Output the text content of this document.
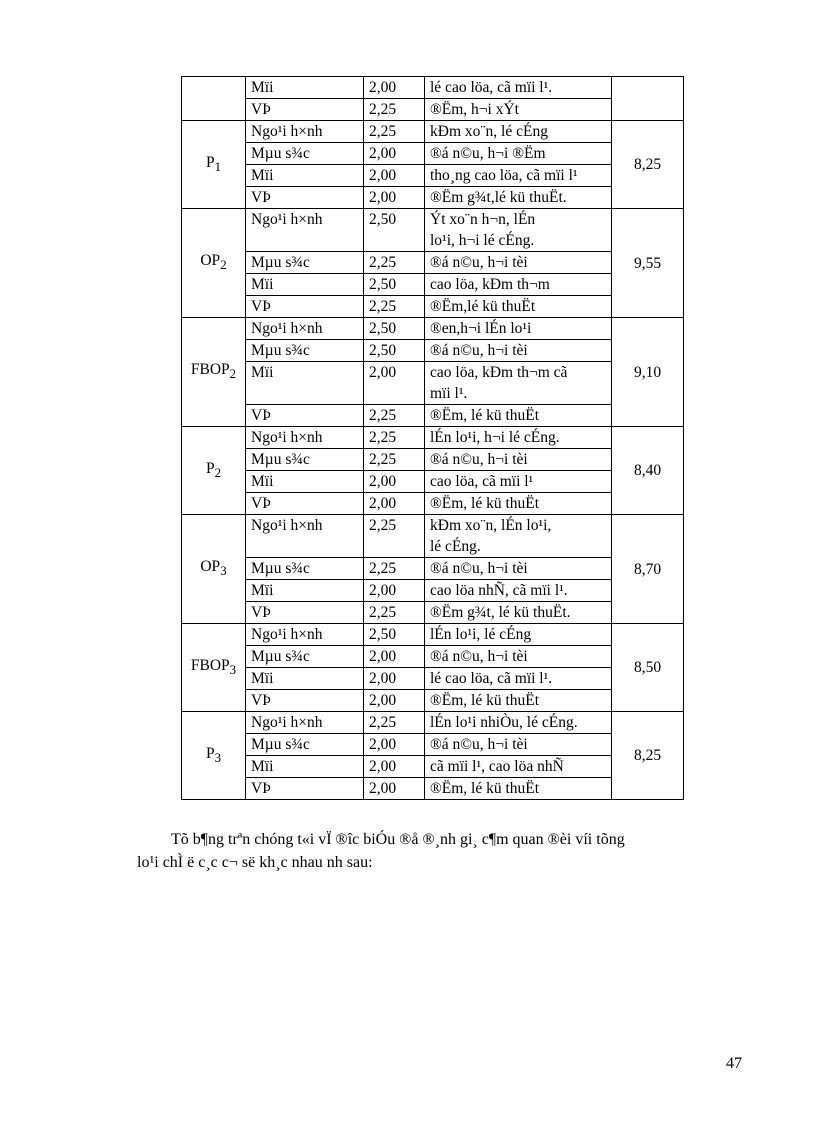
	Mïi	2,00	lé cao löa, cã mïi l¹.	

	VÞ	2,25	®Ëm, h¬i xÝt	

$P_1$	Ngo¹i h×nh	2,25	kÐm xo¨n, lé cÉng	8,25
	Mµu s¾c	2,00	®á n©u, h¬i ®Ëm	

	Mïi	2,00	tho¸ng cao löa, cã mïi l¹	

	VÞ	2,00	®Ëm g¾t,lé kü thuËt.	

$OP_2$	Ngo¹i h×nh	2,50	Ýt xo¨n h¬n, lÉn
lo¹i, h¬i lé cÉng.	9,55
	Mµu s¾c	2,25	®á n©u, h¬i tèi	

	Mïi	2,50	cao löa, kÐm th¬m	

	VÞ	2,25	®Ëm,lé kü thuËt	

$FBOP_2$	Ngo¹i h×nh	2,50	®en,h¬i lÉn lo¹i	9,10
	Mµu s¾c	2,50	®á n©u, h¬i tèi	

	Mïi	2,00	cao löa, kÐm th¬m cã
mïi l¹.	

	VÞ	2,25	®Ëm, lé kü thuËt	

$P_2$	Ngo¹i h×nh	2,25	lÉn lo¹i, h¬i lé cÉng.	8,40
	Mµu s¾c	2,25	®á n©u, h¬i tèi	

	Mïi	2,00	cao löa, cã mïi l¹	

	VÞ	2,00	®Ëm, lé kü thuËt	

$OP_3$	Ngo¹i h×nh	2,25	kÐm xo¨n, lÉn lo¹i,
lé cÉng.	8,70
	Mµu s¾c	2,25	®á n©u, h¬i tèi	

	Mïi	2,00	cao löa nhÑ, cã mïi l¹.	

	VÞ	2,25	®Ëm g¾t, lé kü thuËt.	

$FBOP_3$	Ngo¹i h×nh	2,50	lÉn lo¹i, lé cÉng	8,50
	Mµu s¾c	2,00	®á n©u, h¬i tèi	

	Mïi	2,00	lé cao löa, cã mïi l¹.	

	VÞ	2,00	®Ëm, lé kü thuËt	

$P_3$	Ngo¹i h×nh	2,25	lÉn lo¹i nhiÒu, lé cÉng.	8,25
	Mµu s¾c	2,00	®á n©u, h¬i tèi	

	Mïi	2,00	cã mïi l¹, cao löa nhÑ	

	VÞ	2,00	®Ëm, lé kü thuËt	

Tõ b¶ng trªn chóng t«i vÏ ®îc biÓu ®å ®¸nh gi¸ c¶m quan ®èi víi tõng
lo¹i chÌ ë c¸c c¬ së kh¸c nhau nh sau:

47
